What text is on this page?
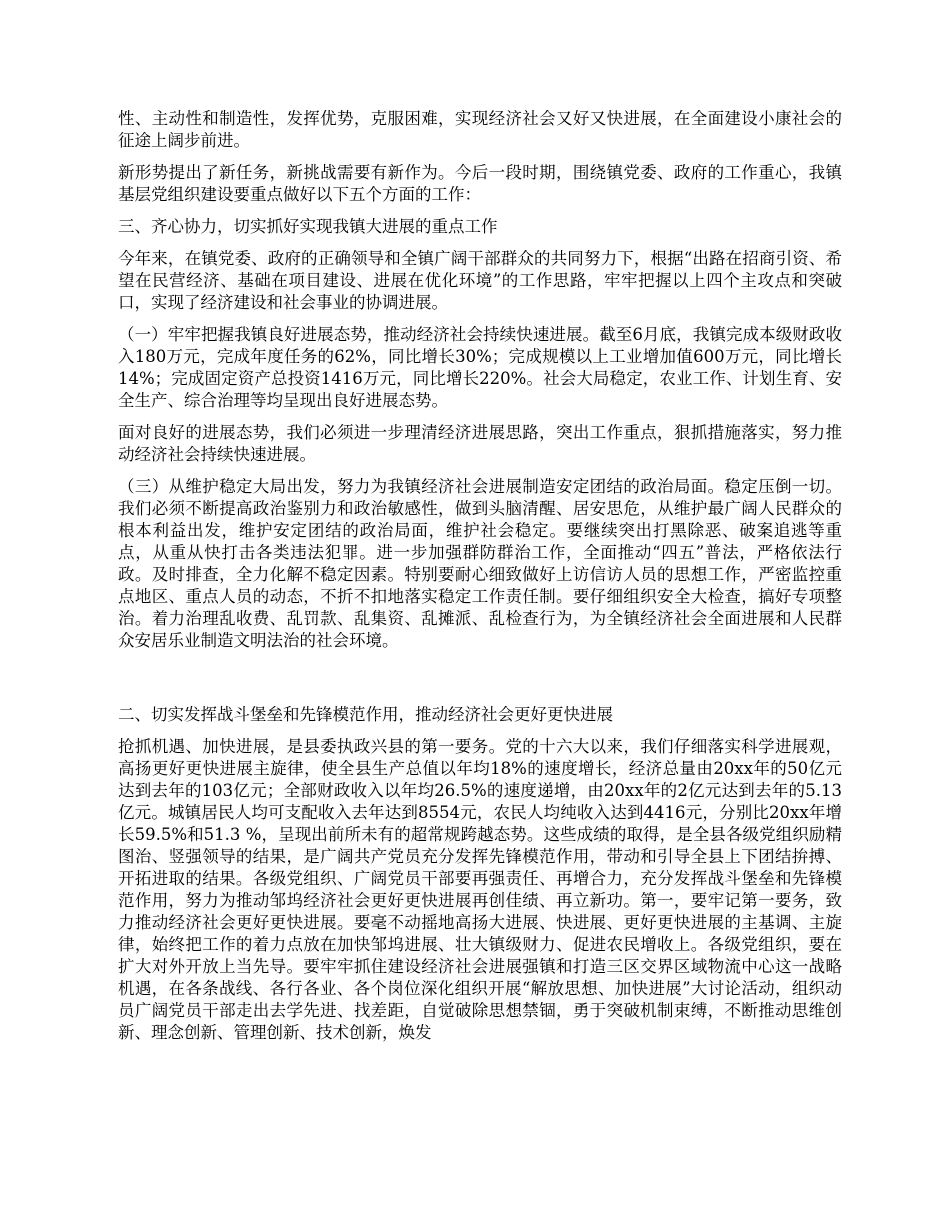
性、主动性和制造性，发挥优势，克服困难，实现经济社会又好又快进展，在全面建设小康社会的征途上阔步前进。

新形势提出了新任务，新挑战需要有新作为。今后一段时期，围绕镇党委、政府的工作重心，我镇基层党组织建设要重点做好以下五个方面的工作：

三、齐心协力，切实抓好实现我镇大进展的重点工作

今年来，在镇党委、政府的正确领导和全镇广阔干部群众的共同努力下，根据“出路在招商引资、希望在民营经济、基础在项目建设、进展在优化环境”的工作思路，牢牢把握以上四个主攻点和突破口，实现了经济建设和社会事业的协调进展。

（一）牢牢把握我镇良好进展态势，推动经济社会持续快速进展。截至6月底，我镇完成本级财政收入180万元，完成年度任务的62%，同比增长30%；完成规模以上工业增加值600万元，同比增长14%；完成固定资产总投资1416万元，同比增长220%。社会大局稳定，农业工作、计划生育、安全生产、综合治理等均呈现出良好进展态势。

面对良好的进展态势，我们必须进一步理清经济进展思路，突出工作重点，狠抓措施落实，努力推动经济社会持续快速进展。

（三）从维护稳定大局出发，努力为我镇经济社会进展制造安定团结的政治局面。稳定压倒一切。我们必须不断提高政治鉴别力和政治敏感性，做到头脑清醒、居安思危，从维护最广阔人民群众的根本利益出发，维护安定团结的政治局面，维护社会稳定。要继续突出打黑除恶、破案追逃等重点，从重从快打击各类违法犯罪。进一步加强群防群治工作，全面推动“四五”普法，严格依法行政。及时排查，全力化解不稳定因素。特别要耐心细致做好上访信访人员的思想工作，严密监控重点地区、重点人员的动态，不折不扣地落实稳定工作责任制。要仔细组织安全大检查，搞好专项整治。着力治理乱收费、乱罚款、乱集资、乱摊派、乱检查行为，为全镇经济社会全面进展和人民群众安居乐业制造文明法治的社会环境。

二、切实发挥战斗堡垒和先锋模范作用，推动经济社会更好更快进展

抢抓机遇、加快进展，是县委执政兴县的第一要务。党的十六大以来，我们仔细落实科学进展观，高扬更好更快进展主旋律，使全县生产总值以年均18%的速度增长，经济总量由20xx年的50亿元达到去年的103亿元；全部财政收入以年均26.5%的速度递增，由20xx年的2亿元达到去年的5.13亿元。城镇居民人均可支配收入去年达到8554元，农民人均纯收入达到4416元，分别比20xx年增长59.5%和51.3 %，呈现出前所未有的超常规跨越态势。这些成绩的取得，是全县各级党组织励精图治、竖强领导的结果，是广阔共产党员充分发挥先锋模范作用，带动和引导全县上下团结拚搏、开拓进取的结果。各级党组织、广阔党员干部要再强责任、再增合力，充分发挥战斗堡垒和先锋模范作用，努力为推动邹坞经济社会更好更快进展再创佳绩、再立新功。第一，要牢记第一要务，致力推动经济社会更好更快进展。要毫不动摇地高扬大进展、快进展、更好更快进展的主基调、主旋律，始终把工作的着力点放在加快邹坞进展、壮大镇级财力、促进农民增收上。各级党组织，要在扩大对外开放上当先导。要牢牢抓住建设经济社会进展强镇和打造三区交界区域物流中心这一战略机遇，在各条战线、各行各业、各个岗位深化组织开展“解放思想、加快进展”大讨论活动，组织动员广阔党员干部走出去学先进、找差距，自觉破除思想禁锢，勇于突破机制束缚，不断推动思维创新、理念创新、管理创新、技术创新，焕发
